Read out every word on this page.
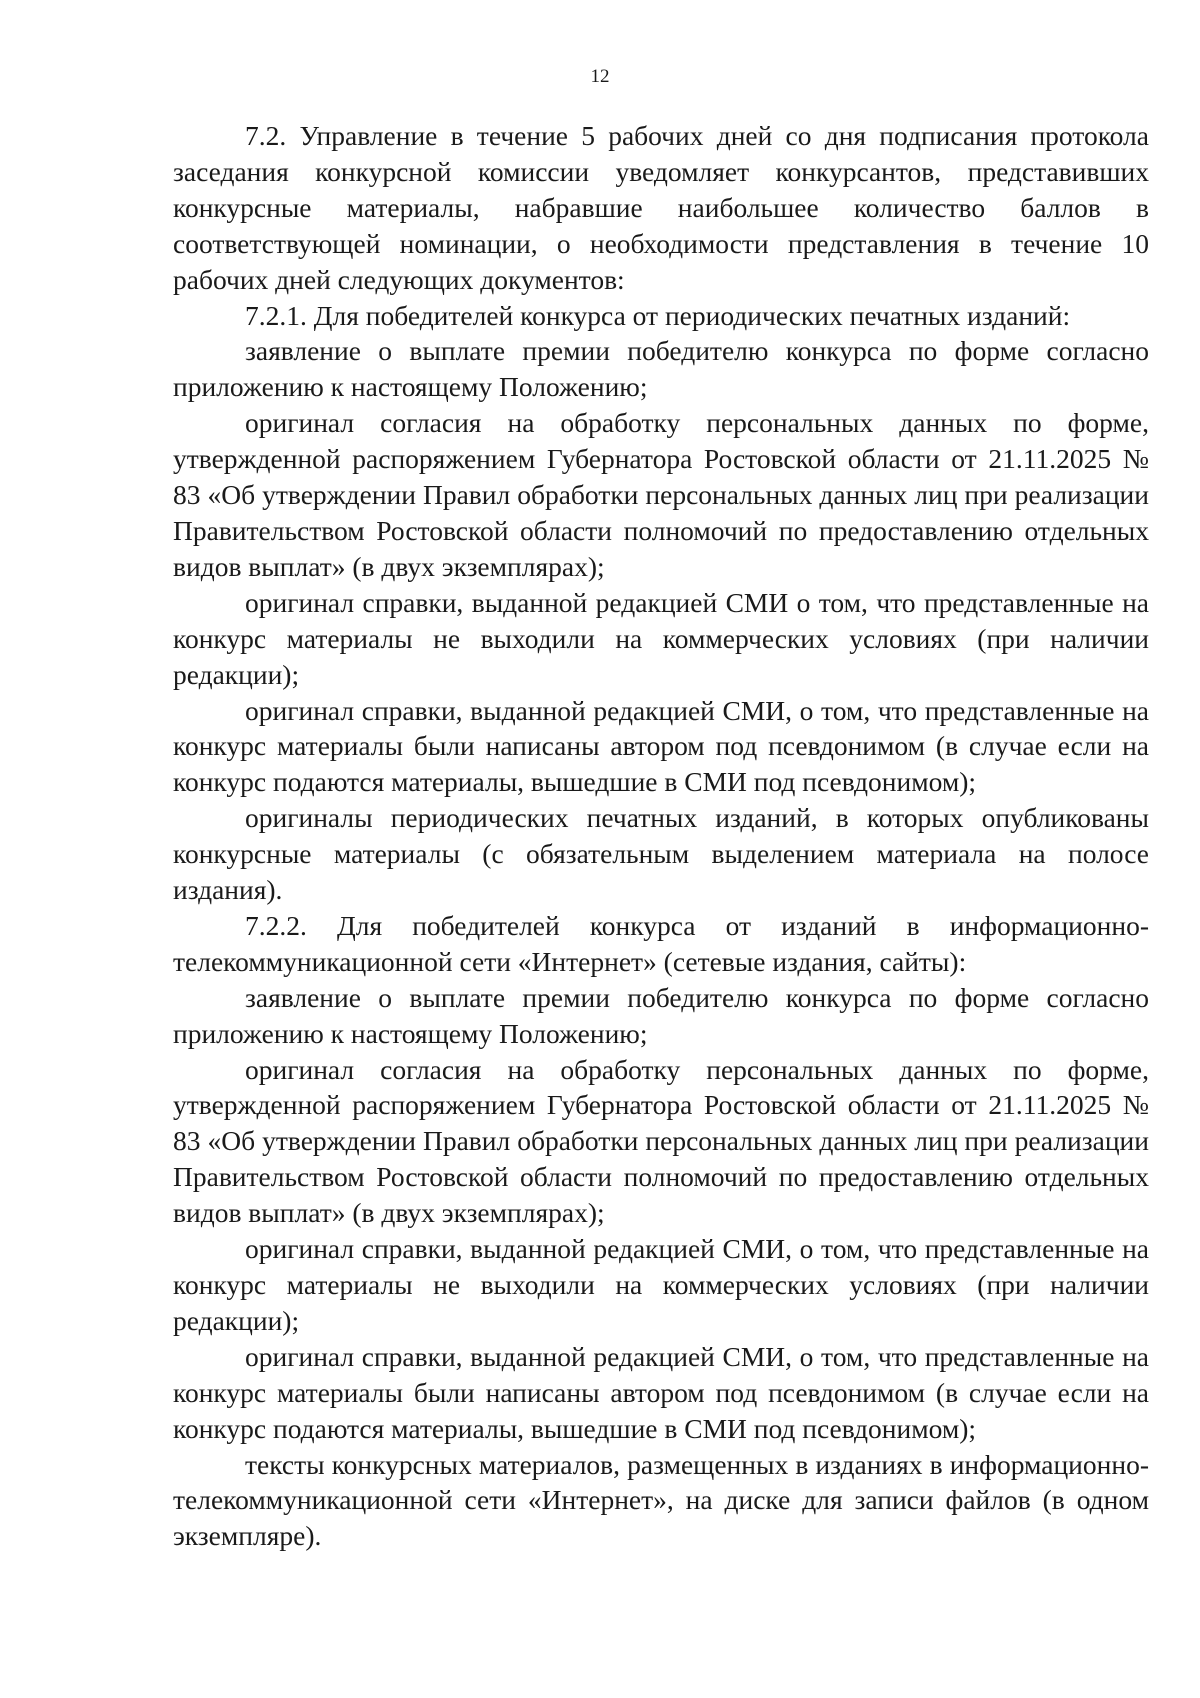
12

7.2. Управление в течение 5 рабочих дней со дня подписания протокола заседания конкурсной комиссии уведомляет конкурсантов, представивших конкурсные материалы, набравшие наибольшее количество баллов в соответствующей номинации, о необходимости представления в течение 10 рабочих дней следующих документов:

7.2.1. Для победителей конкурса от периодических печатных изданий:

заявление о выплате премии победителю конкурса по форме согласно приложению к настоящему Положению;

оригинал согласия на обработку персональных данных по форме, утвержденной распоряжением Губернатора Ростовской области от 21.11.2025 № 83 «Об утверждении Правил обработки персональных данных лиц при реализации Правительством Ростовской области полномочий по предоставлению отдельных видов выплат» (в двух экземплярах);

оригинал справки, выданной редакцией СМИ о том, что представленные на конкурс материалы не выходили на коммерческих условиях (при наличии редакции);

оригинал справки, выданной редакцией СМИ, о том, что представленные на конкурс материалы были написаны автором под псевдонимом (в случае если на конкурс подаются материалы, вышедшие в СМИ под псевдонимом);

оригиналы периодических печатных изданий, в которых опубликованы конкурсные материалы (с обязательным выделением материала на полосе издания).

7.2.2. Для победителей конкурса от изданий в информационно-телекоммуникационной сети «Интернет» (сетевые издания, сайты):

заявление о выплате премии победителю конкурса по форме согласно приложению к настоящему Положению;

оригинал согласия на обработку персональных данных по форме, утвержденной распоряжением Губернатора Ростовской области от 21.11.2025 № 83 «Об утверждении Правил обработки персональных данных лиц при реализации Правительством Ростовской области полномочий по предоставлению отдельных видов выплат» (в двух экземплярах);

оригинал справки, выданной редакцией СМИ, о том, что представленные на конкурс материалы не выходили на коммерческих условиях (при наличии редакции);

оригинал справки, выданной редакцией СМИ, о том, что представленные на конкурс материалы были написаны автором под псевдонимом (в случае если на конкурс подаются материалы, вышедшие в СМИ под псевдонимом);

тексты конкурсных материалов, размещенных в изданиях в информационно-телекоммуникационной сети «Интернет», на диске для записи файлов (в одном экземпляре).
